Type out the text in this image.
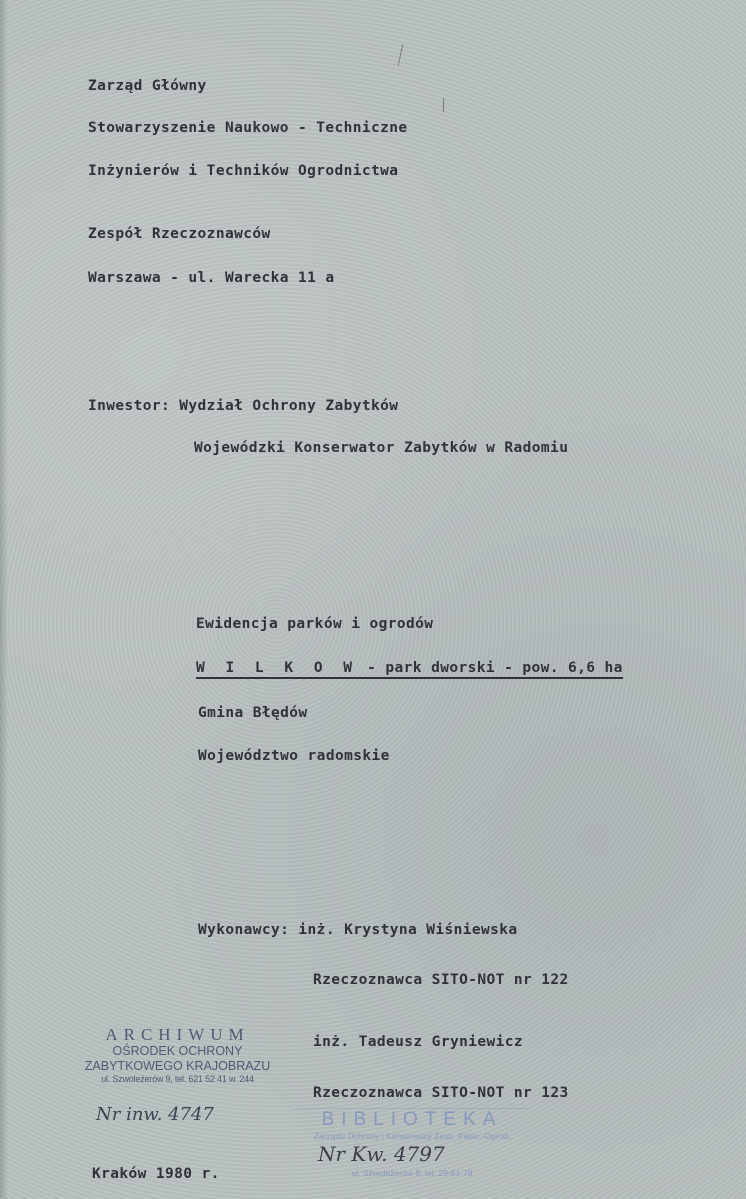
Zarząd Główny
Stowarzyszenie Naukowo - Techniczne
Inżynierów i Techników Ogrodnictwa
Zespół Rzeczoznawców
Warszawa - ul. Warecka 11 a
Inwestor: Wydział Ochrony Zabytków
Wojewódzki Konserwator Zabytków w Radomiu
Ewidencja parków i ogrodów
W I L K O W - park dworski - pow. 6,6 ha
Gmina Błędów
Województwo radomskie
Wykonawcy: inż. Krystyna Wiśniewska
Rzeczoznawca SITO-NOT nr 122
inż. Tadeusz Gryniewicz
Rzeczoznawca SITO-NOT nr 123
Kraków 1980 r.
ARCHIWUM
OŚRODEK OCHRONY
ZABYTKOWEGO KRAJOBRAZU
ul. Szwoleżerów 9, tel. 621 52 41 w. 244
Nr inw. 4747	BIBLIOTEKA
Zarządu Ochrony i Konserwacji Zesp. Pałac.-Ogrod.
ul. Szwoleżerów 9, tel. 29-61-78
Nr Kw. 4797
